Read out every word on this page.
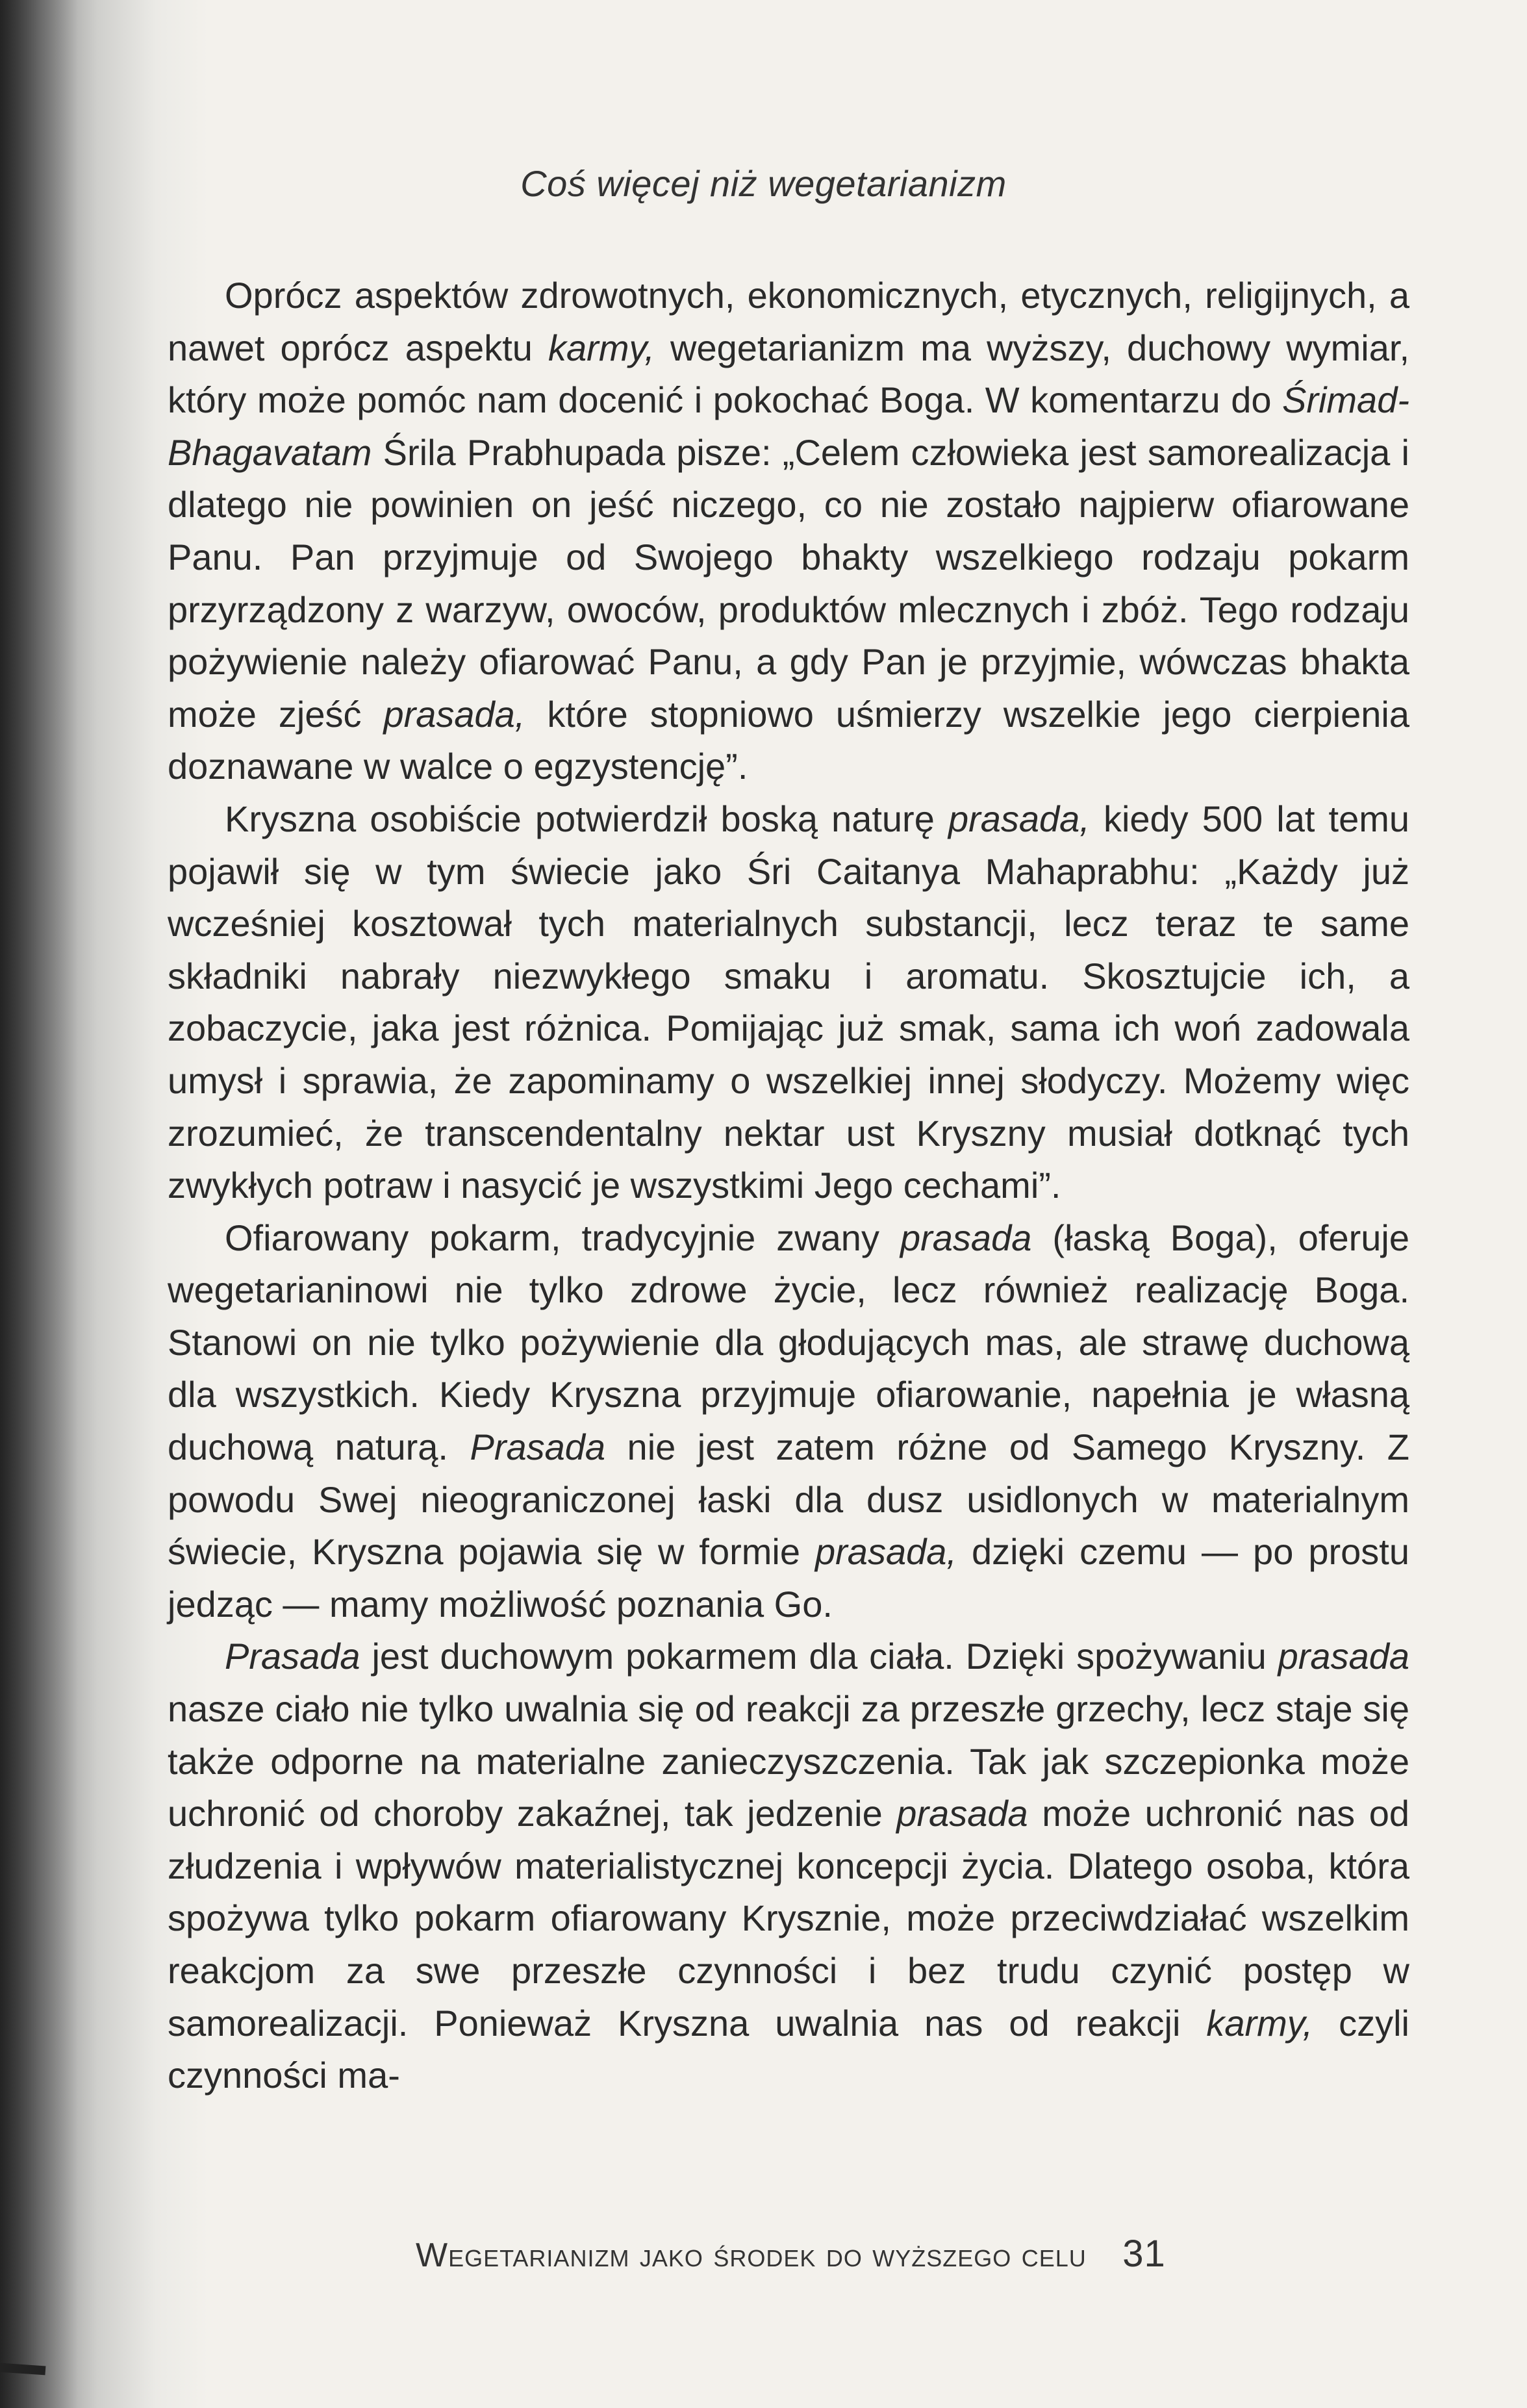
Coś więcej niż wegetarianizm

Oprócz aspektów zdrowotnych, ekonomicznych, etycznych, religijnych, a nawet oprócz aspektu karmy, wegetarianizm ma wyższy, duchowy wymiar, który może pomóc nam docenić i pokochać Boga. W komentarzu do Śrimad-Bhagavatam Śrila Prabhupada pisze: „Celem człowieka jest samorealizacja i dlatego nie powinien on jeść niczego, co nie zostało najpierw ofiarowane Panu. Pan przyjmuje od Swojego bhakty wszelkiego rodzaju pokarm przyrządzony z warzyw, owoców, produktów mlecznych i zbóż. Tego rodzaju pożywienie należy ofiarować Panu, a gdy Pan je przyjmie, wówczas bhakta może zjeść prasada, które stopniowo uśmierzy wszelkie jego cierpienia doznawane w walce o egzystencję”.

Kryszna osobiście potwierdził boską naturę prasada, kiedy 500 lat temu pojawił się w tym świecie jako Śri Caitanya Mahaprabhu: „Każdy już wcześniej kosztował tych materialnych substancji, lecz teraz te same składniki nabrały niezwykłego smaku i aromatu. Skosztujcie ich, a zobaczycie, jaka jest różnica. Pomijając już smak, sama ich woń zadowala umysł i sprawia, że zapominamy o wszelkiej innej słodyczy. Możemy więc zrozumieć, że transcendentalny nektar ust Kryszny musiał dotknąć tych zwykłych potraw i nasycić je wszystkimi Jego cechami”.

Ofiarowany pokarm, tradycyjnie zwany prasada (łaską Boga), oferuje wegetarianinowi nie tylko zdrowe życie, lecz również realizację Boga. Stanowi on nie tylko pożywienie dla głodujących mas, ale strawę duchową dla wszystkich. Kiedy Kryszna przyjmuje ofiarowanie, napełnia je własną duchową naturą. Prasada nie jest zatem różne od Samego Kryszny. Z powodu Swej nieograniczonej łaski dla dusz usidlonych w materialnym świecie, Kryszna pojawia się w formie prasada, dzięki czemu — po prostu jedząc — mamy możliwość poznania Go.

Prasada jest duchowym pokarmem dla ciała. Dzięki spożywaniu prasada nasze ciało nie tylko uwalnia się od reakcji za przeszłe grzechy, lecz staje się także odporne na materialne zanieczyszczenia. Tak jak szczepionka może uchronić od choroby zakaźnej, tak jedzenie prasada może uchronić nas od złudzenia i wpływów materialistycznej koncepcji życia. Dlatego osoba, która spożywa tylko pokarm ofiarowany Krysznie, może przeciwdziałać wszelkim reakcjom za swe przeszłe czynności i bez trudu czynić postęp w samorealizacji. Ponieważ Kryszna uwalnia nas od reakcji karmy, czyli czynności ma-

Wegetarianizm jako środek do wyższego celu 31
